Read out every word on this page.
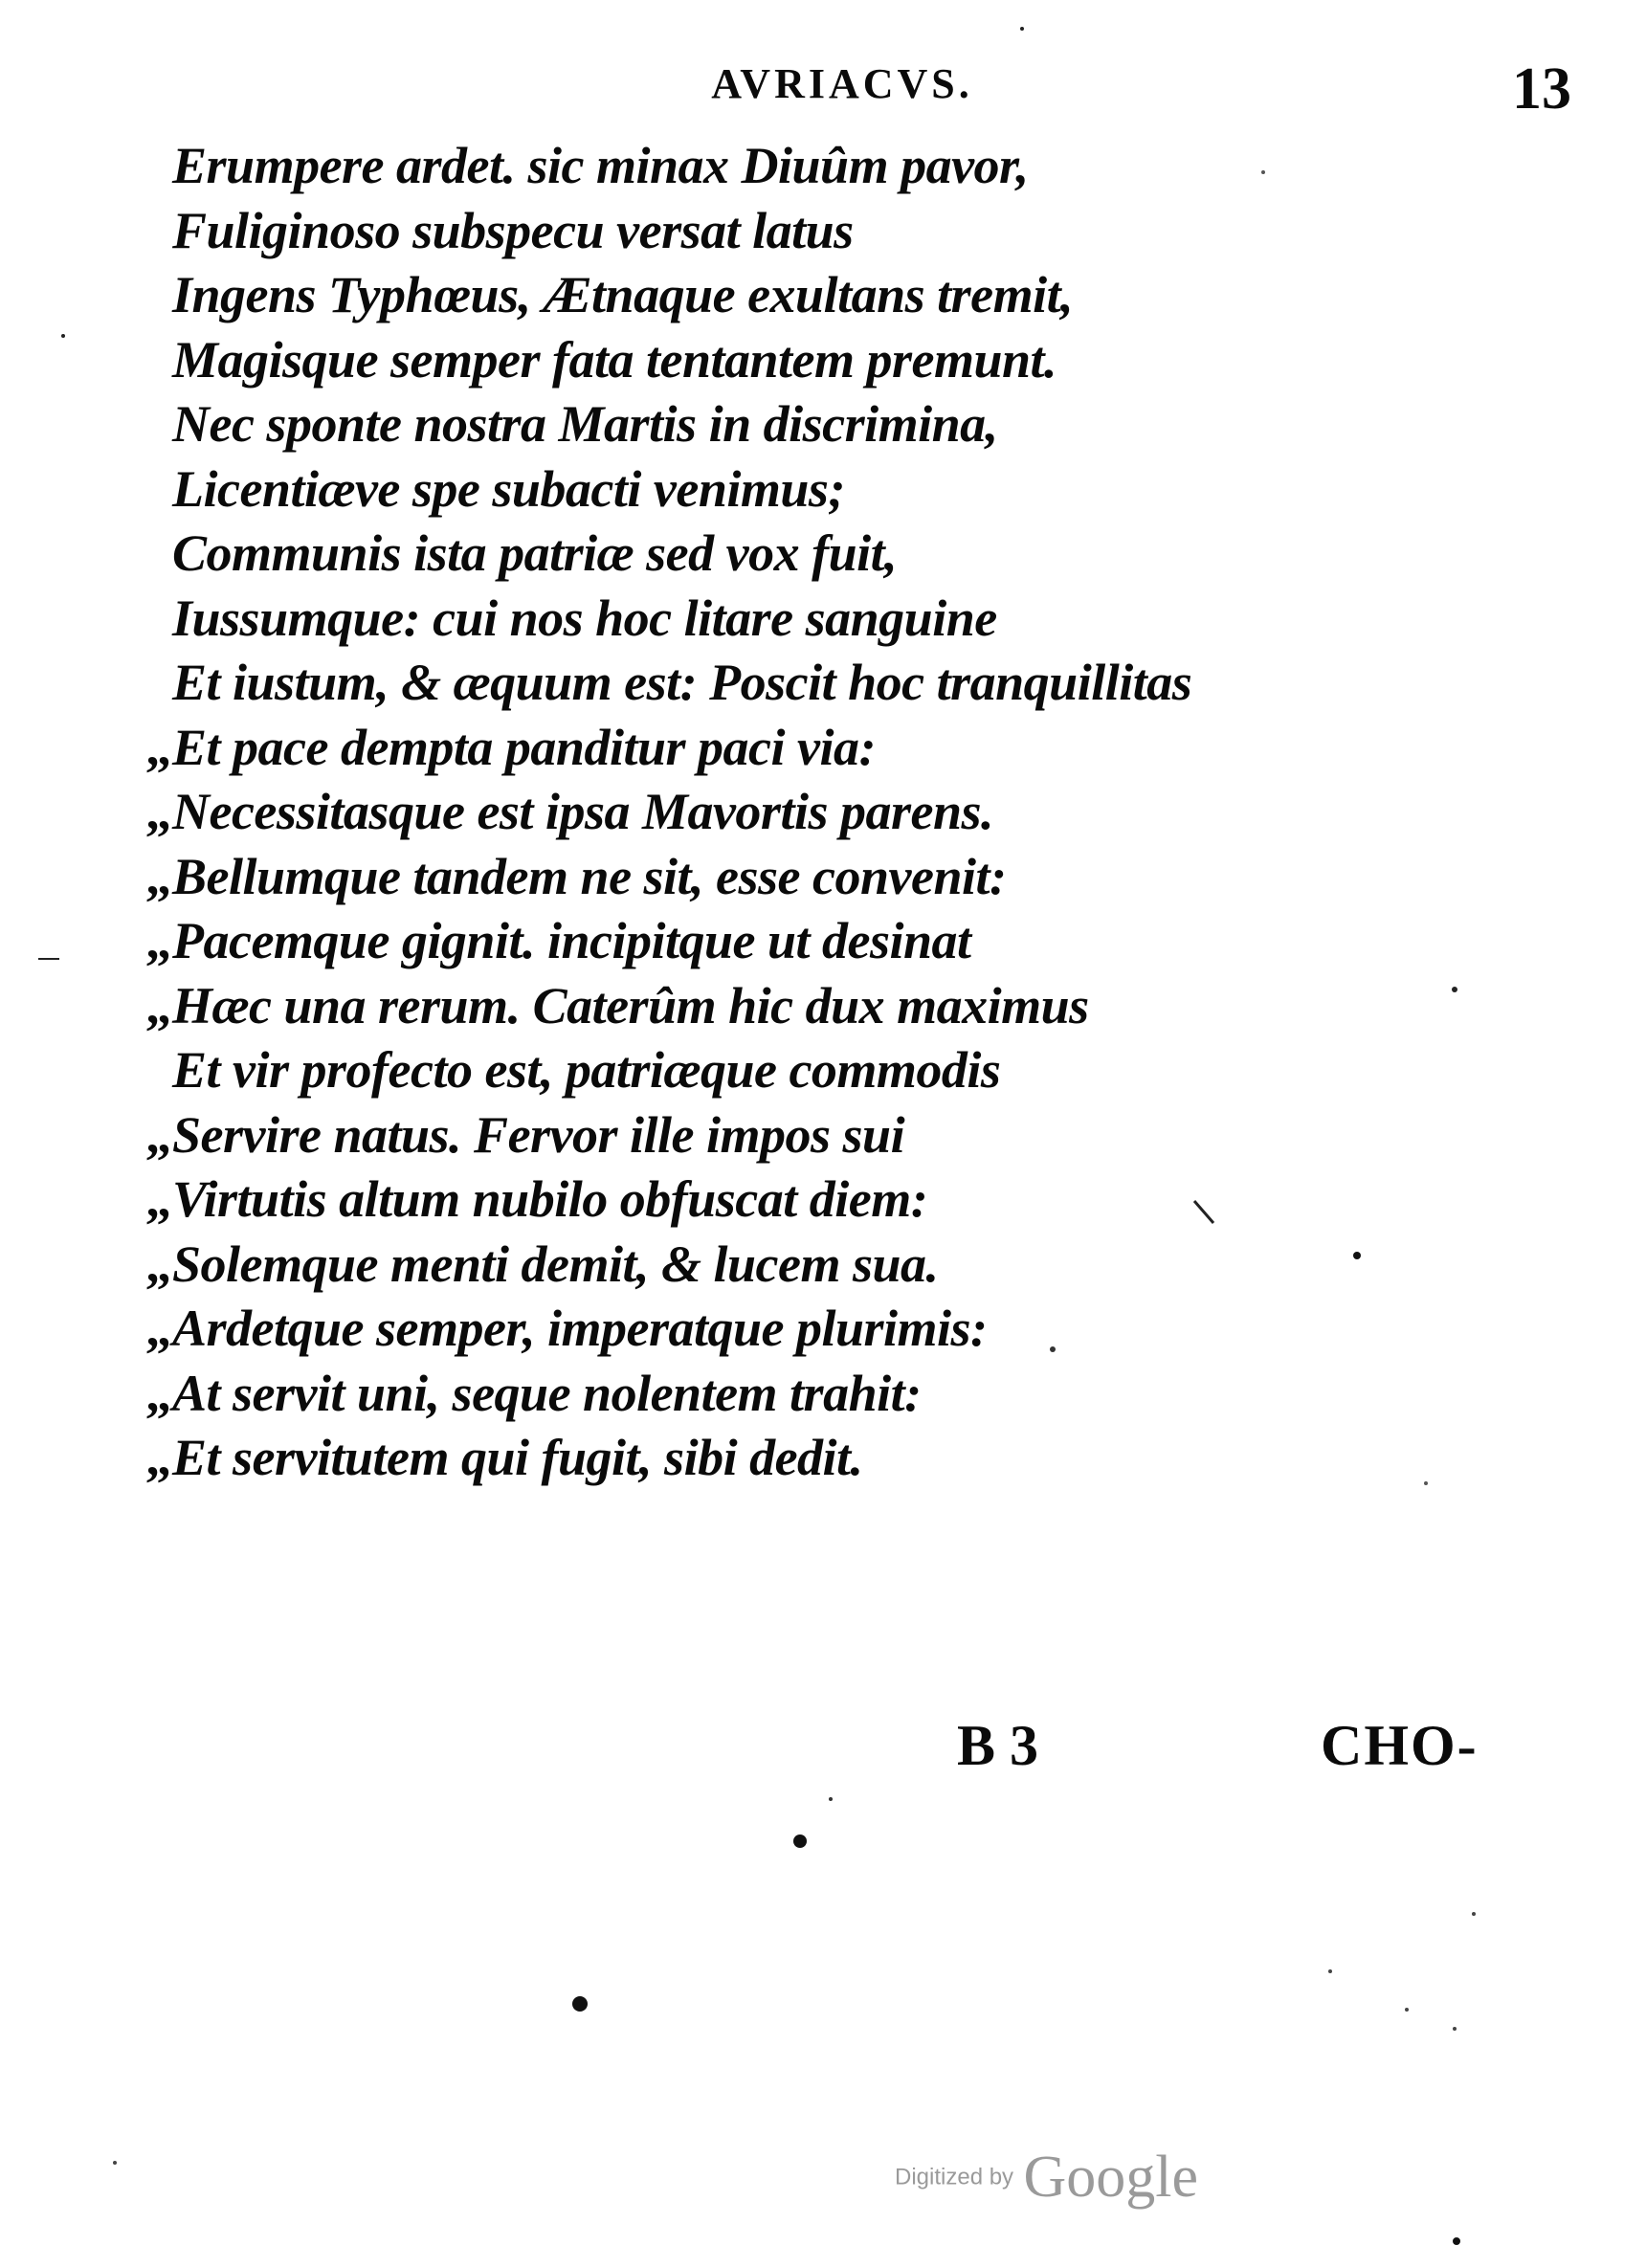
AVRIACVS.	13
Erumpere ardet. sic minax Diuûm pavor,
Fuliginoso subspecu versat latus
Ingens Typhœus, Ætnaque exultans tremit,
Magisque semper fata tentantem premunt.
Nec sponte nostra Martis in discrimina,
Licentiæve spe subacti venimus;
Communis ista patriæ sed vox fuit,
Iussumque: cui nos hoc litare sanguine
Et iustum, & æquum est: Poscit hoc tranquillitas
„Et pace dempta panditur paci via:
„Necessitasque est ipsa Mavortis parens.
„Bellumque tandem ne sit, esse convenit:
„Pacemque gignit. incipitque ut desinat
„Hæc una rerum. Caterûm hic dux maximus
Et vir profecto est, patriæque commodis
„Servire natus. Fervor ille impos sui
„Virtutis altum nubilo obfuscat diem:
„Solemque menti demit, & lucem sua.
„Ardetque semper, imperatque plurimis:
„At servit uni, seque nolentem trahit:
„Et servitutem qui fugit, sibi dedit.
B 3	CHO-
Digitized by Google
